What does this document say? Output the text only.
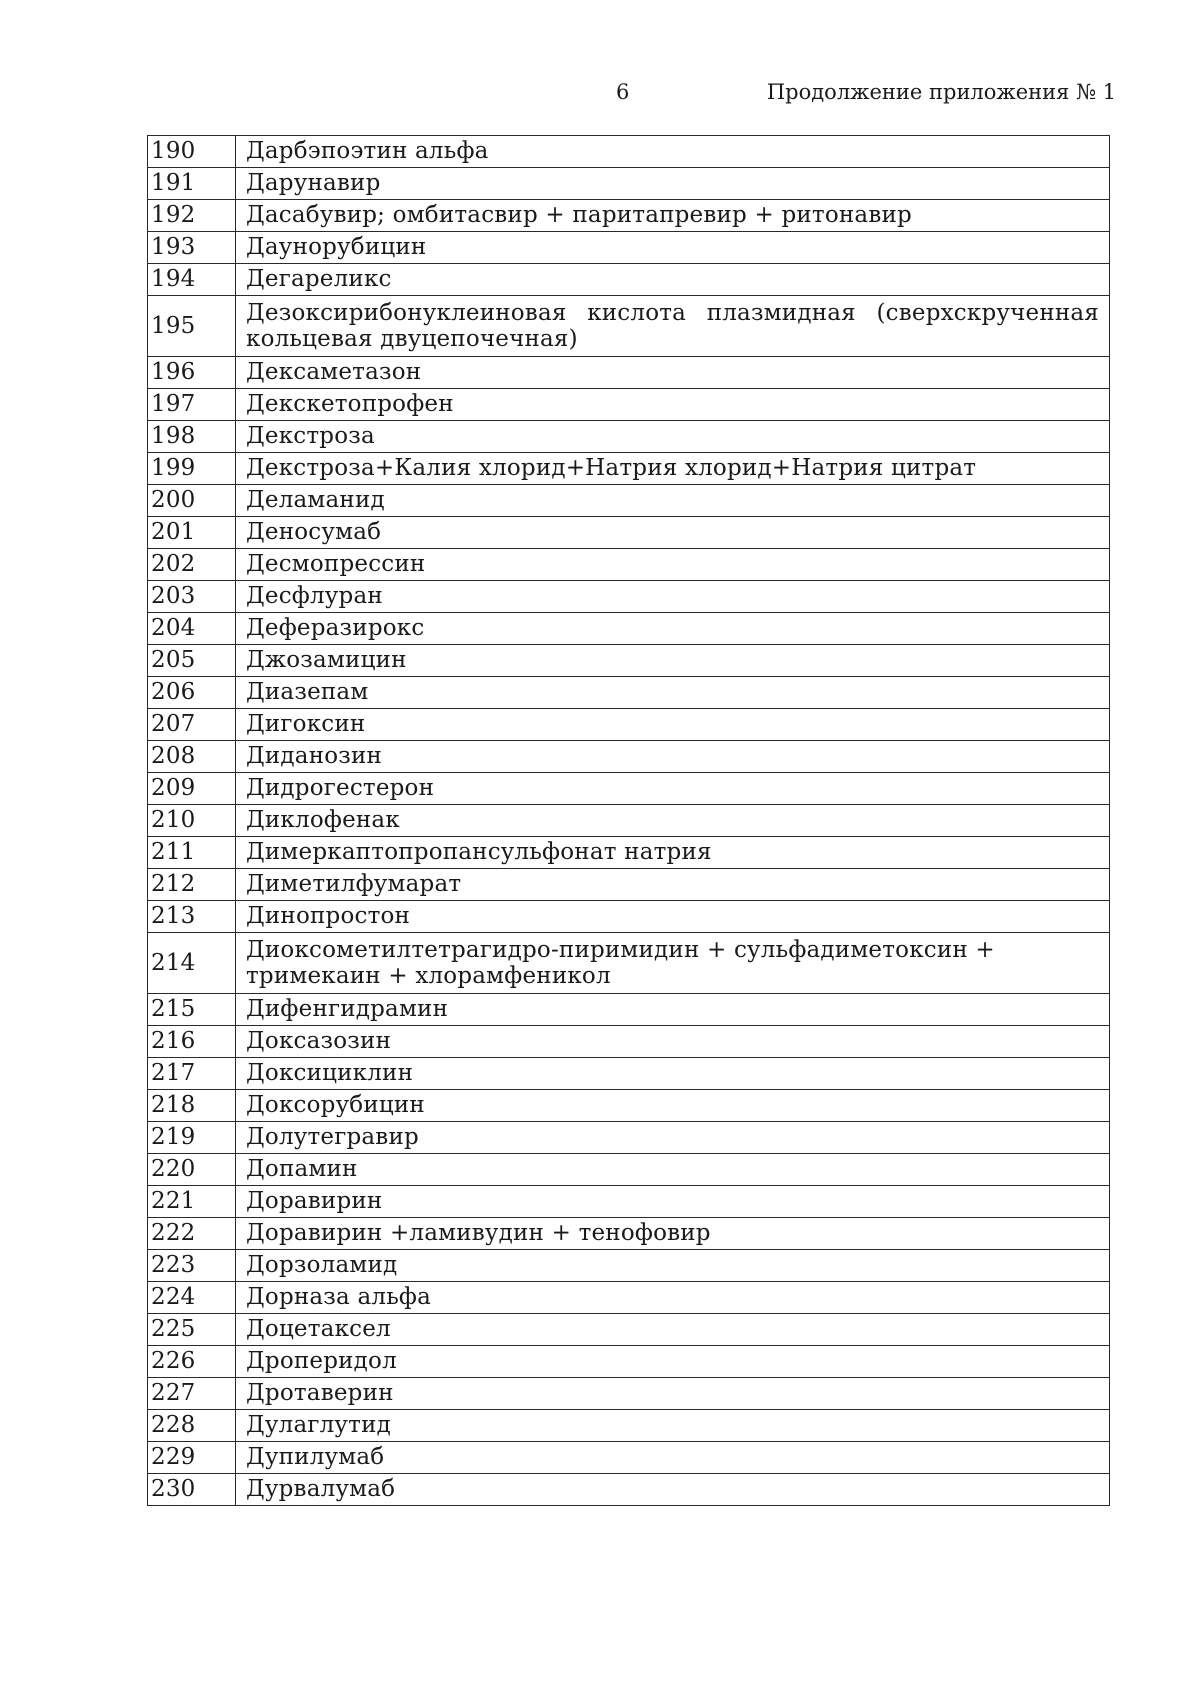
6	Продолжение приложения № 1
190	Дарбэпоэтин альфа
191	Дарунавир
192	Дасабувир; омбитасвир + паритапревир + ритонавир
193	Даунорубицин
194	Дегареликс
195	Дезоксирибонуклеиновая кислота плазмидная (сверхскрученная кольцевая двуцепочечная)
196	Дексаметазон
197	Декскетопрофен
198	Декстроза
199	Декстроза+Калия хлорид+Натрия хлорид+Натрия цитрат
200	Деламанид
201	Деносумаб
202	Десмопрессин
203	Десфлуран
204	Деферазирокс
205	Джозамицин
206	Диазепам
207	Дигоксин
208	Диданозин
209	Дидрогестерон
210	Диклофенак
211	Димеркаптопропансульфонат натрия
212	Диметилфумарат
213	Динопростон
214	Диоксометилтетрагидро-пиримидин + сульфадиметоксин + тримекаин + хлорамфеникол
215	Дифенгидрамин
216	Доксазозин
217	Доксициклин
218	Доксорубицин
219	Долутегравир
220	Допамин
221	Доравирин
222	Доравирин +ламивудин + тенофовир
223	Дорзоламид
224	Дорназа альфа
225	Доцетаксел
226	Дроперидол
227	Дротаверин
228	Дулаглутид
229	Дупилумаб
230	Дурвалумаб
